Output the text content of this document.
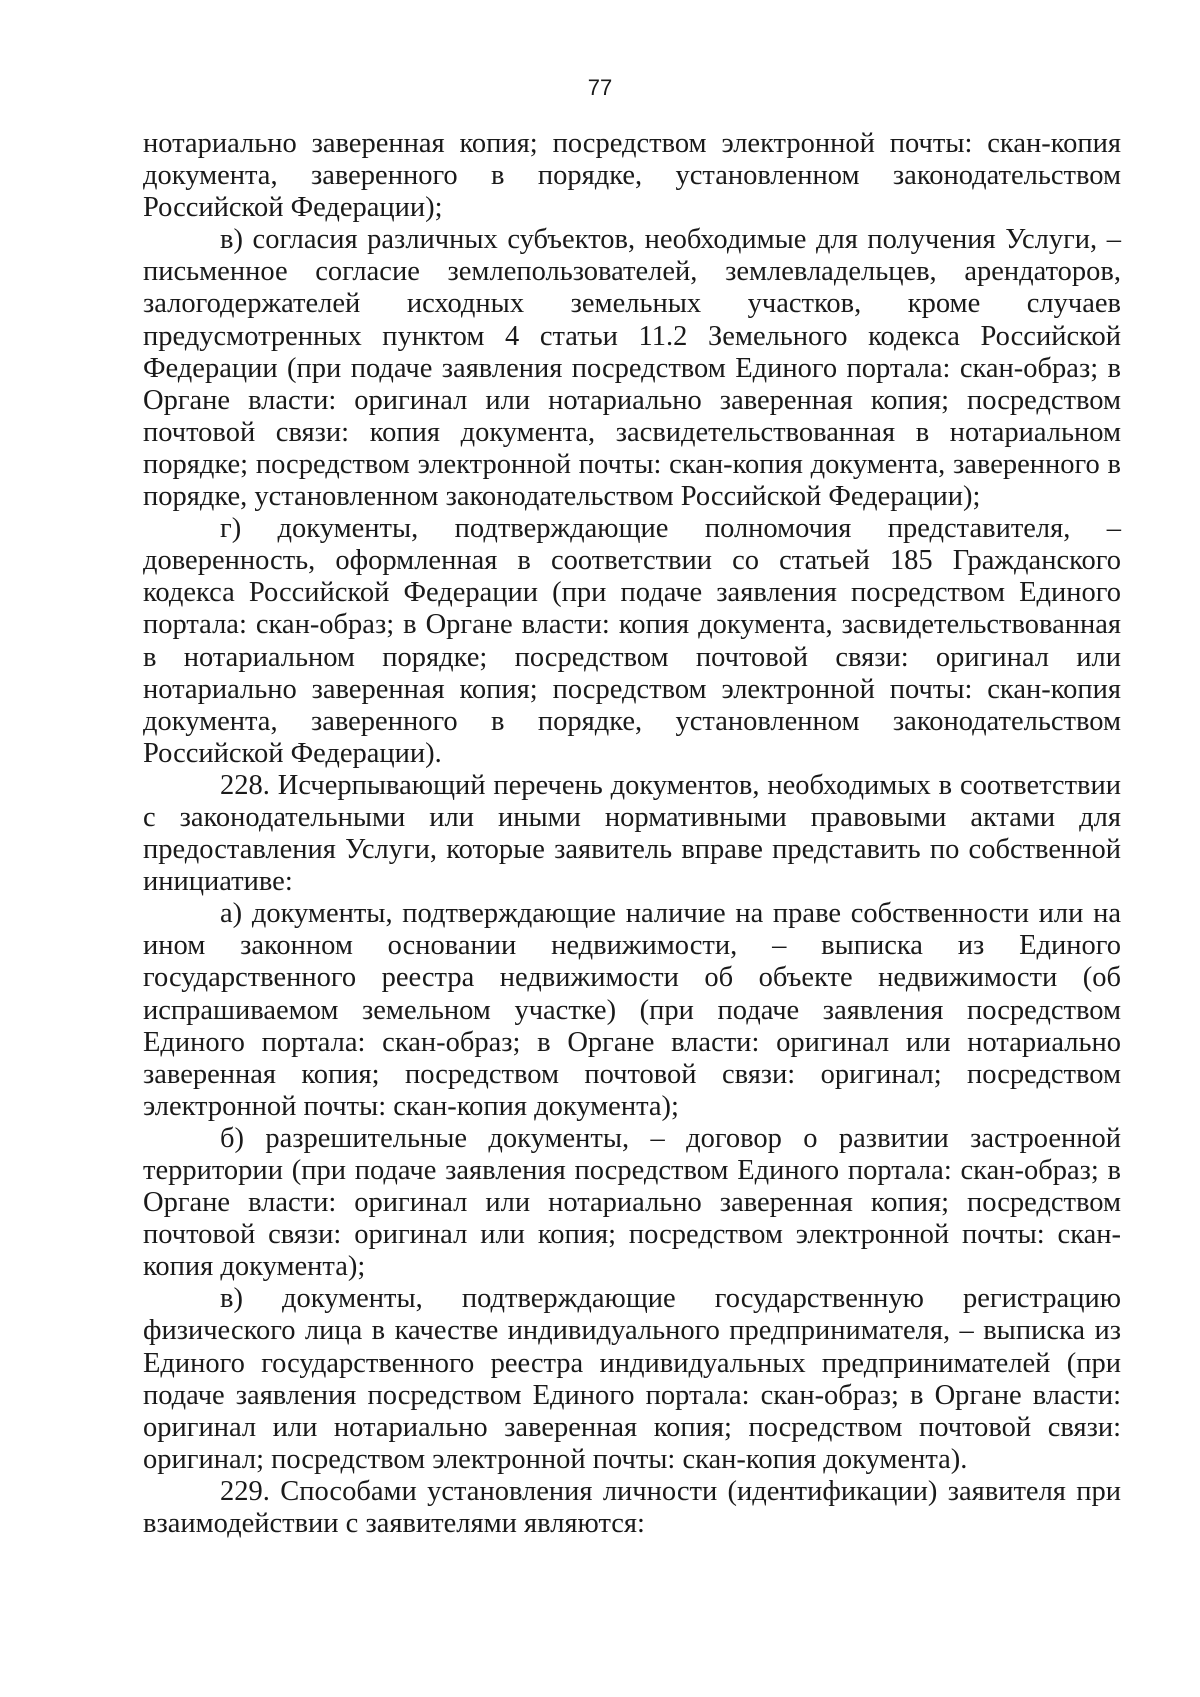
77

нотариально заверенная копия; посредством электронной почты: скан-копия документа, заверенного в порядке, установленном законодательством Российской Федерации);

в) согласия различных субъектов, необходимые для получения Услуги, – письменное согласие землепользователей, землевладельцев, арендаторов, залогодержателей исходных земельных участков, кроме случаев предусмотренных пунктом 4 статьи 11.2 Земельного кодекса Российской Федерации (при подаче заявления посредством Единого портала: скан-образ; в Органе власти: оригинал или нотариально заверенная копия; посредством почтовой связи: копия документа, засвидетельствованная в нотариальном порядке; посредством электронной почты: скан-копия документа, заверенного в порядке, установленном законодательством Российской Федерации);

г) документы, подтверждающие полномочия представителя, – доверенность, оформленная в соответствии со статьей 185 Гражданского кодекса Российской Федерации (при подаче заявления посредством Единого портала: скан-образ; в Органе власти: копия документа, засвидетельствованная в нотариальном порядке; посредством почтовой связи: оригинал или нотариально заверенная копия; посредством электронной почты: скан-копия документа, заверенного в порядке, установленном законодательством Российской Федерации).

228. Исчерпывающий перечень документов, необходимых в соответствии с законодательными или иными нормативными правовыми актами для предоставления Услуги, которые заявитель вправе представить по собственной инициативе:

а) документы, подтверждающие наличие на праве собственности или на ином законном основании недвижимости, – выписка из Единого государственного реестра недвижимости об объекте недвижимости (об испрашиваемом земельном участке) (при подаче заявления посредством Единого портала: скан-образ; в Органе власти: оригинал или нотариально заверенная копия; посредством почтовой связи: оригинал; посредством электронной почты: скан-копия документа);

б) разрешительные документы, – договор о развитии застроенной территории (при подаче заявления посредством Единого портала: скан-образ; в Органе власти: оригинал или нотариально заверенная копия; посредством почтовой связи: оригинал или копия; посредством электронной почты: скан-копия документа);

в) документы, подтверждающие государственную регистрацию физического лица в качестве индивидуального предпринимателя, – выписка из Единого государственного реестра индивидуальных предпринимателей (при подаче заявления посредством Единого портала: скан-образ; в Органе власти: оригинал или нотариально заверенная копия; посредством почтовой связи: оригинал; посредством электронной почты: скан-копия документа).

229. Способами установления личности (идентификации) заявителя при взаимодействии с заявителями являются:
